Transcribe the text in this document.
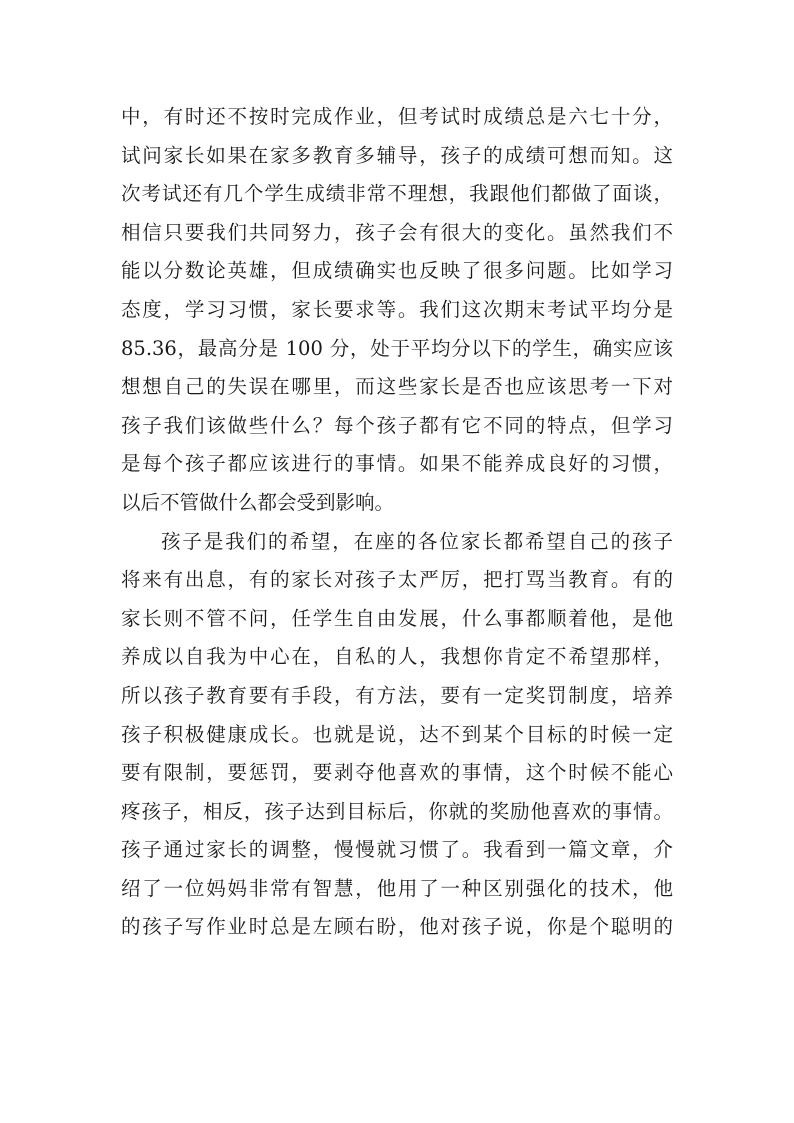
中，有时还不按时完成作业，但考试时成绩总是六七十分，
试问家长如果在家多教育多辅导，孩子的成绩可想而知。这
次考试还有几个学生成绩非常不理想，我跟他们都做了面谈，
相信只要我们共同努力，孩子会有很大的变化。虽然我们不
能以分数论英雄，但成绩确实也反映了很多问题。比如学习
态度，学习习惯，家长要求等。我们这次期末考试平均分是
85.36，最高分是 100 分，处于平均分以下的学生，确实应该
想想自己的失误在哪里，而这些家长是否也应该思考一下对
孩子我们该做些什么？每个孩子都有它不同的特点，但学习
是每个孩子都应该进行的事情。如果不能养成良好的习惯，
以后不管做什么都会受到影响。
孩子是我们的希望，在座的各位家长都希望自己的孩子
将来有出息，有的家长对孩子太严厉，把打骂当教育。有的
家长则不管不问，任学生自由发展，什么事都顺着他，是他
养成以自我为中心在，自私的人，我想你肯定不希望那样，
所以孩子教育要有手段，有方法，要有一定奖罚制度，培养
孩子积极健康成长。也就是说，达不到某个目标的时候一定
要有限制，要惩罚，要剥夺他喜欢的事情，这个时候不能心
疼孩子，相反，孩子达到目标后，你就的奖励他喜欢的事情。
孩子通过家长的调整，慢慢就习惯了。我看到一篇文章，介
绍了一位妈妈非常有智慧，他用了一种区别强化的技术，他
的孩子写作业时总是左顾右盼，他对孩子说，你是个聪明的
